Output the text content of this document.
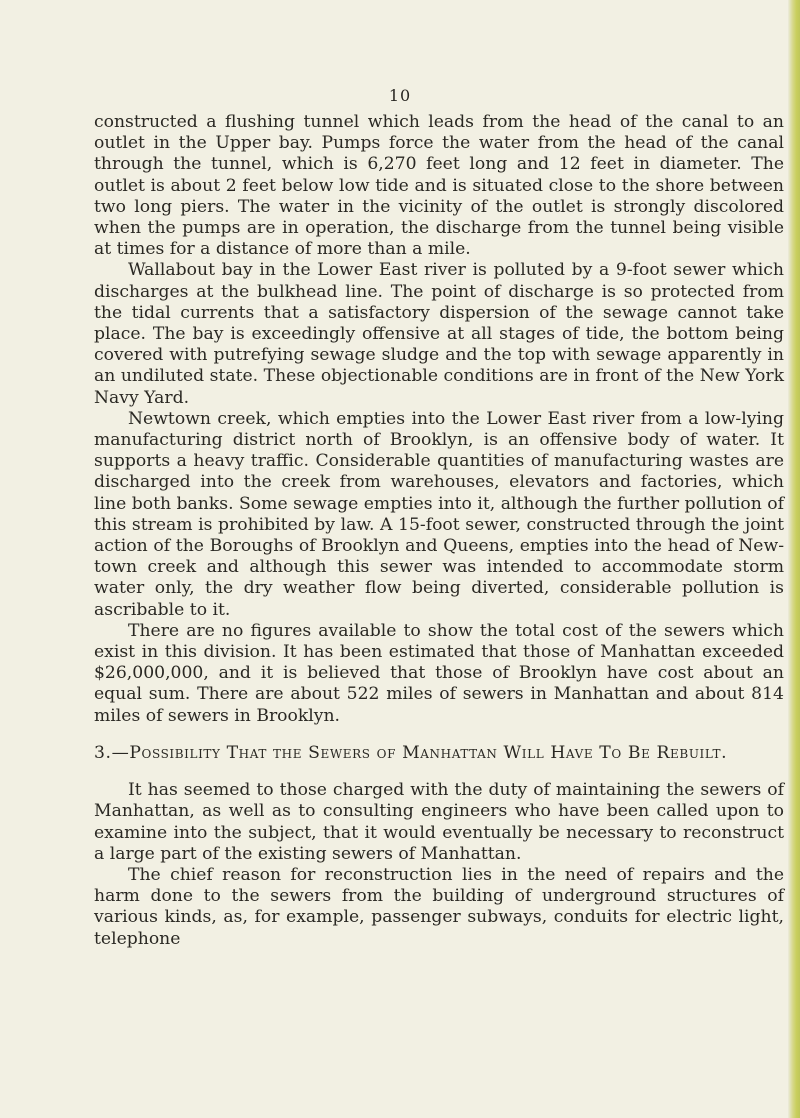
10

constructed a flushing tunnel which leads from the head of the canal to an outlet in the Upper bay. Pumps force the water from the head of the canal through the tunnel, which is 6,270 feet long and 12 feet in diameter. The outlet is about 2 feet below low tide and is situated close to the shore between two long piers. The water in the vicinity of the outlet is strongly discolored when the pumps are in operation, the discharge from the tunnel being visible at times for a distance of more than a mile.

Wallabout bay in the Lower East river is polluted by a 9-foot sewer which discharges at the bulkhead line. The point of discharge is so protected from the tidal currents that a satisfactory dispersion of the sewage cannot take place. The bay is exceedingly offensive at all stages of tide, the bottom being covered with putrefying sewage sludge and the top with sewage apparently in an undiluted state. These objectionable conditions are in front of the New York Navy Yard.

Newtown creek, which empties into the Lower East river from a low-lying manufacturing district north of Brooklyn, is an offensive body of water. It supports a heavy traffic. Considerable quantities of manufacturing wastes are discharged into the creek from warehouses, elevators and factories, which line both banks. Some sewage empties into it, although the further pollution of this stream is prohibited by law. A 15-foot sewer, constructed through the joint action of the Boroughs of Brooklyn and Queens, empties into the head of Newtown creek and although this sewer was intended to accommodate storm water only, the dry weather flow being diverted, considerable pollution is ascribable to it.

There are no figures available to show the total cost of the sewers which exist in this division. It has been estimated that those of Manhattan exceeded $26,000,000, and it is believed that those of Brooklyn have cost about an equal sum. There are about 522 miles of sewers in Manhattan and about 814 miles of sewers in Brooklyn.

3.—Possibility That the Sewers of Manhattan Will Have To Be Rebuilt.

It has seemed to those charged with the duty of maintaining the sewers of Manhattan, as well as to consulting engineers who have been called upon to examine into the subject, that it would eventually be necessary to reconstruct a large part of the existing sewers of Manhattan.

The chief reason for reconstruction lies in the need of repairs and the harm done to the sewers from the building of underground structures of various kinds, as, for example, passenger subways, conduits for electric light, telephone
